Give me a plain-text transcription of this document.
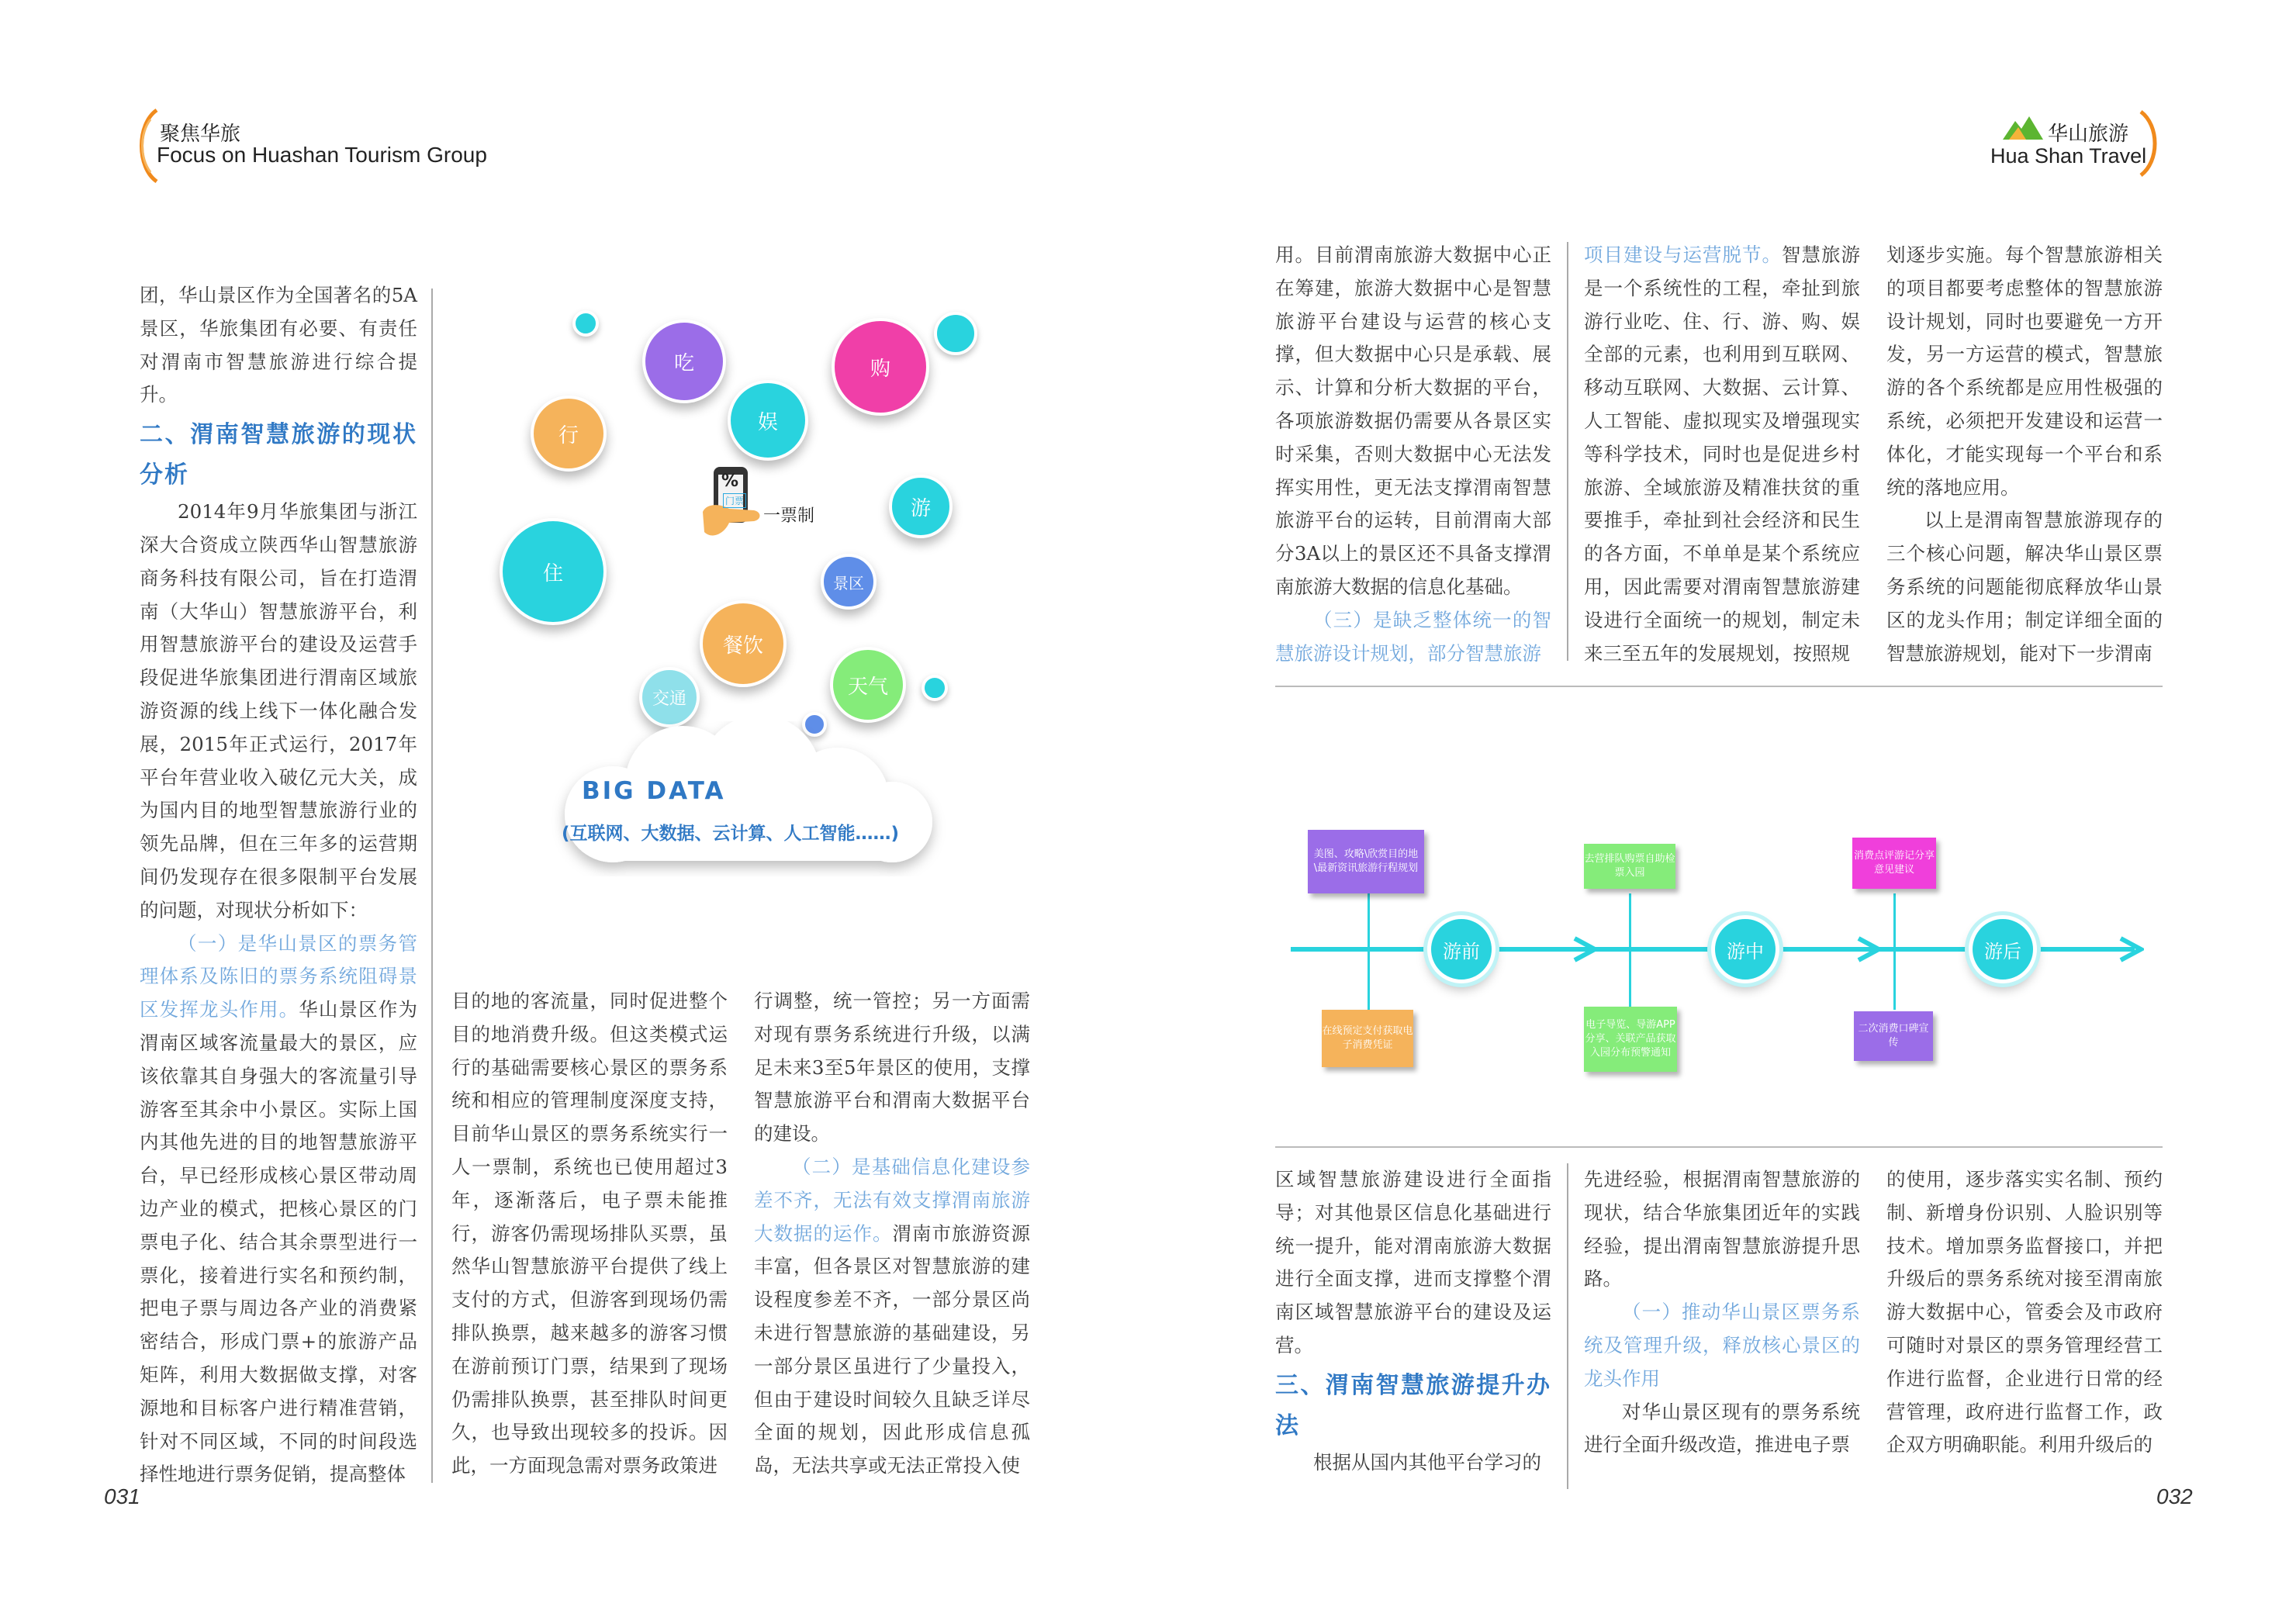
聚焦华旅
Focus on Huashan Tourism Group
华山旅游
Hua Shan Travel

团，华山景区作为全国著名的5A景区，华旅集团有必要、有责任对渭南市智慧旅游进行综合提升。

二、渭南智慧旅游的现状分析

2014年9月华旅集团与浙江深大合资成立陕西华山智慧旅游商务科技有限公司，旨在打造渭南（大华山）智慧旅游平台，利用智慧旅游平台的建设及运营手段促进华旅集团进行渭南区域旅游资源的线上线下一体化融合发展，2015年正式运行，2017年平台年营业收入破亿元大关，成为国内目的地型智慧旅游行业的领先品牌，但在三年多的运营期间仍发现存在很多限制平台发展的问题，对现状分析如下：

（一）是华山景区的票务管理体系及陈旧的票务系统阻碍景区发挥龙头作用。华山景区作为渭南区域客流量最大的景区，应该依靠其自身强大的客流量引导游客至其余中小景区。实际上国内其他先进的目的地智慧旅游平台，早已经形成核心景区带动周边产业的模式，把核心景区的门票电子化、结合其余票型进行一票化，接着进行实名和预约制，把电子票与周边各产业的消费紧密结合，形成门票+的旅游产品矩阵，利用大数据做支撑，对客源地和目标客户进行精准营销，针对不同区域，不同的时间段选择性地进行票务促销，提高整体

目的地的客流量，同时促进整个目的地消费升级。但这类模式运行的基础需要核心景区的票务系统和相应的管理制度深度支持，目前华山景区的票务系统实行一人一票制，系统也已使用超过3年，逐渐落后，电子票未能推行，游客仍需现场排队买票，虽然华山智慧旅游平台提供了线上支付的方式，但游客到现场仍需排队换票，越来越多的游客习惯在游前预订门票，结果到了现场仍需排队换票，甚至排队时间更久，也导致出现较多的投诉。因此，一方面现急需对票务政策进

行调整，统一管控；另一方面需对现有票务系统进行升级，以满足未来3至5年景区的使用，支撑智慧旅游平台和渭南大数据平台的建设。

（二）是基础信息化建设参差不齐，无法有效支撑渭南旅游大数据的运作。渭南市旅游资源丰富，但各景区对智慧旅游的建设程度参差不齐，一部分景区尚未进行智慧旅游的基础建设，另一部分景区虽进行了少量投入，但由于建设时间较久且缺乏详尽全面的规划，因此形成信息孤岛，无法共享或无法正常投入使

吃
娱
购
行
游
%
门票
一票制
住	景区
餐饮
天气
交通
BIG DATA
(互联网、大数据、云计算、人工智能……)
031

用。目前渭南旅游大数据中心正在筹建，旅游大数据中心是智慧旅游平台建设与运营的核心支撑，但大数据中心只是承载、展示、计算和分析大数据的平台，各项旅游数据仍需要从各景区实时采集，否则大数据中心无法发挥实用性，更无法支撑渭南智慧旅游平台的运转，目前渭南大部分3A以上的景区还不具备支撑渭南旅游大数据的信息化基础。

（三）是缺乏整体统一的智慧旅游设计规划，部分智慧旅游

项目建设与运营脱节。智慧旅游是一个系统性的工程，牵扯到旅游行业吃、住、行、游、购、娱全部的元素，也利用到互联网、移动互联网、大数据、云计算、人工智能、虚拟现实及增强现实等科学技术，同时也是促进乡村旅游、全域旅游及精准扶贫的重要推手，牵扯到社会经济和民生的各方面，不单单是某个系统应用，因此需要对渭南智慧旅游建设进行全面统一的规划，制定未来三至五年的发展规划，按照规

划逐步实施。每个智慧旅游相关的项目都要考虑整体的智慧旅游设计规划，同时也要避免一方开发，另一方运营的模式，智慧旅游的各个系统都是应用性极强的系统，必须把开发建设和运营一体化，才能实现每一个平台和系统的落地应用。

以上是渭南智慧旅游现存的三个核心问题，解决华山景区票务系统的问题能彻底释放华山景区的龙头作用；制定详细全面的智慧旅游规划，能对下一步渭南

美图、攻略\欣赏目的地\最新资讯旅游行程规划
去营排队购票自助检票入园
消费点评游记分享意见建议
游前	游中	游后
在线预定支付获取电子消费凭证
电子导览、导游APP分享、关联产品获取入园分布预警通知
二次消费口碑宣传

区域智慧旅游建设进行全面指导；对其他景区信息化基础进行统一提升，能对渭南旅游大数据进行全面支撑，进而支撑整个渭南区域智慧旅游平台的建设及运营。

三、渭南智慧旅游提升办法

根据从国内其他平台学习的

先进经验，根据渭南智慧旅游的现状，结合华旅集团近年的实践经验，提出渭南智慧旅游提升思路。

（一）推动华山景区票务系统及管理升级，释放核心景区的龙头作用

对华山景区现有的票务系统进行全面升级改造，推进电子票

的使用，逐步落实实名制、预约制、新增身份识别、人脸识别等技术。增加票务监督接口，并把升级后的票务系统对接至渭南旅游大数据中心，管委会及市政府可随时对景区的票务管理经营工作进行监督，企业进行日常的经营管理，政府进行监督工作，政企双方明确职能。利用升级后的

032
